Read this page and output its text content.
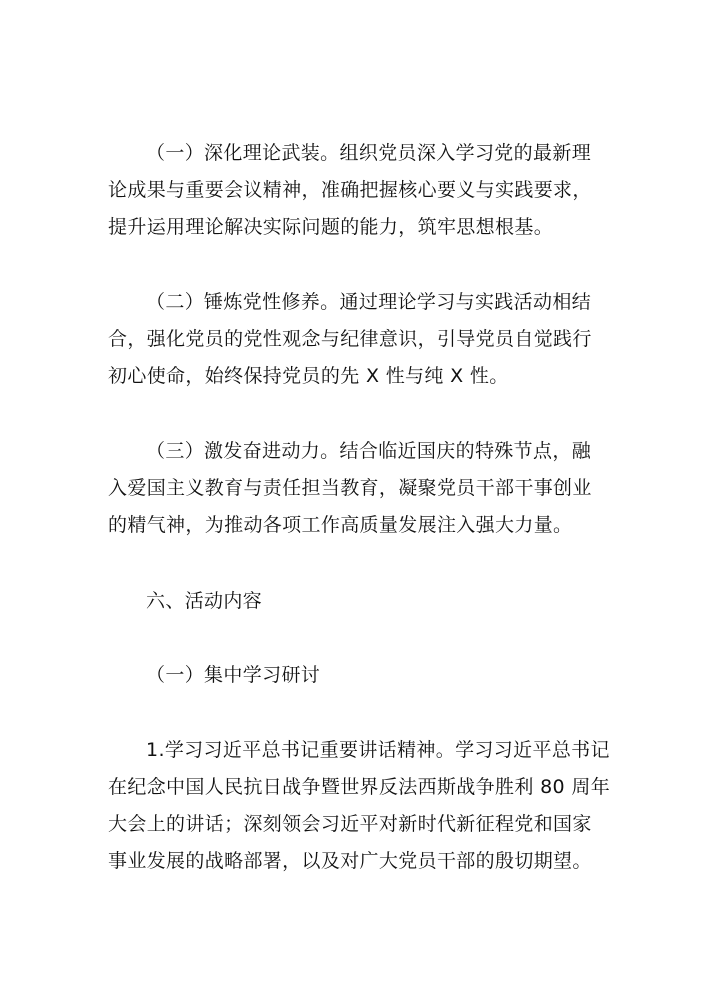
（一）深化理论武装。组织党员深入学习党的最新理
论成果与重要会议精神，准确把握核心要义与实践要求，
提升运用理论解决实际问题的能力，筑牢思想根基。
（二）锤炼党性修养。通过理论学习与实践活动相结
合，强化党员的党性观念与纪律意识，引导党员自觉践行
初心使命，始终保持党员的先 X 性与纯 X 性。
（三）激发奋进动力。结合临近国庆的特殊节点，融
入爱国主义教育与责任担当教育，凝聚党员干部干事创业
的精气神，为推动各项工作高质量发展注入强大力量。
六、活动内容
（一）集中学习研讨
1.学习习近平总书记重要讲话精神。学习习近平总书记
在纪念中国人民抗日战争暨世界反法西斯战争胜利 80 周年
大会上的讲话；深刻领会习近平对新时代新征程党和国家
事业发展的战略部署，以及对广大党员干部的殷切期望。
